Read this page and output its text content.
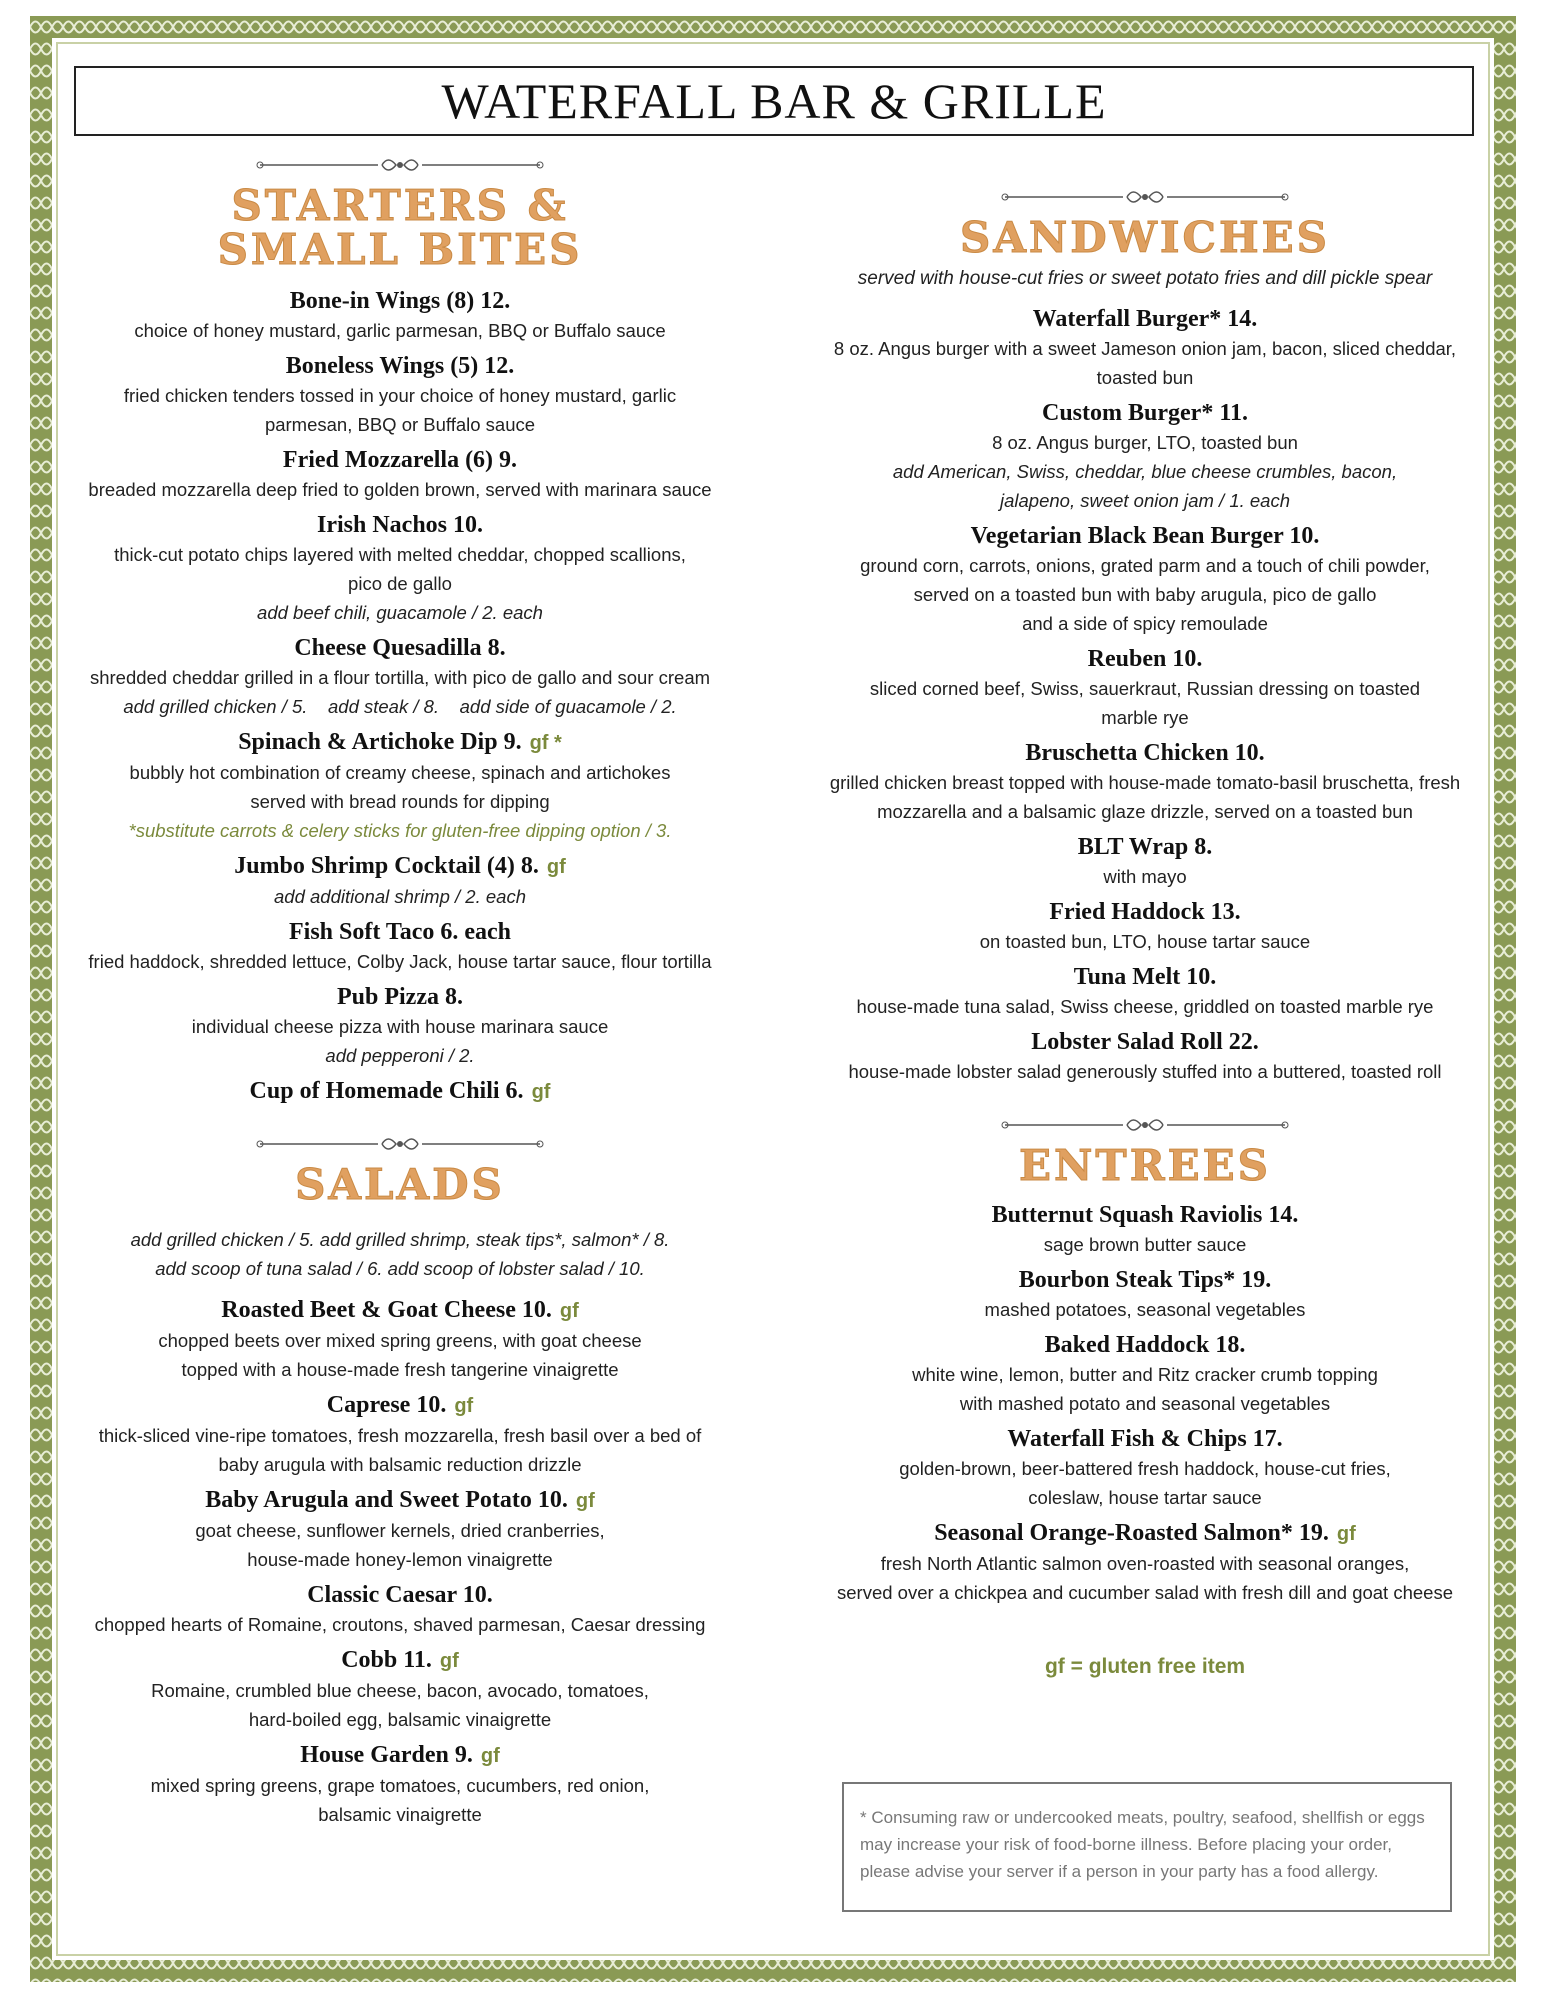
WATERFALL BAR & GRILLE
STARTERS &
SMALL BITES
Bone-in Wings (8) 12.
choice of honey mustard, garlic parmesan, BBQ or Buffalo sauce
Boneless Wings (5) 12.
fried chicken tenders tossed in your choice of honey mustard, garlic
parmesan, BBQ or Buffalo sauce
Fried Mozzarella (6) 9.
breaded mozzarella deep fried to golden brown, served with marinara sauce
Irish Nachos 10.
thick-cut potato chips layered with melted cheddar, chopped scallions,
pico de gallo
add beef chili, guacamole / 2. each
Cheese Quesadilla 8.
shredded cheddar grilled in a flour tortilla, with pico de gallo and sour cream
add grilled chicken / 5.    add steak / 8.    add side of guacamole / 2.
Spinach & Artichoke Dip 9. gf *
bubbly hot combination of creamy cheese, spinach and artichokes
served with bread rounds for dipping
*substitute carrots & celery sticks for gluten-free dipping option / 3.
Jumbo Shrimp Cocktail (4) 8. gf
add additional shrimp / 2. each
Fish Soft Taco 6. each
fried haddock, shredded lettuce, Colby Jack, house tartar sauce, flour tortilla
Pub Pizza 8.
individual cheese pizza with house marinara sauce
add pepperoni / 2.
Cup of Homemade Chili 6. gf
SALADS
add grilled chicken / 5. add grilled shrimp, steak tips*, salmon* / 8.
add scoop of tuna salad / 6. add scoop of lobster salad / 10.
Roasted Beet & Goat Cheese 10. gf
chopped beets over mixed spring greens, with goat cheese
topped with a house-made fresh tangerine vinaigrette
Caprese 10. gf
thick-sliced vine-ripe tomatoes, fresh mozzarella, fresh basil over a bed of
baby arugula with balsamic reduction drizzle
Baby Arugula and Sweet Potato 10. gf
goat cheese, sunflower kernels, dried cranberries,
house-made honey-lemon vinaigrette
Classic Caesar 10.
chopped hearts of Romaine, croutons, shaved parmesan, Caesar dressing
Cobb 11. gf
Romaine, crumbled blue cheese, bacon, avocado, tomatoes,
hard-boiled egg, balsamic vinaigrette
House Garden 9. gf
mixed spring greens, grape tomatoes, cucumbers, red onion,
balsamic vinaigrette
SANDWICHES
served with house-cut fries or sweet potato fries and dill pickle spear
Waterfall Burger* 14.
8 oz. Angus burger with a sweet Jameson onion jam, bacon, sliced cheddar,
toasted bun
Custom Burger* 11.
8 oz. Angus burger, LTO, toasted bun
add American, Swiss, cheddar, blue cheese crumbles, bacon,
jalapeno, sweet onion jam / 1. each
Vegetarian Black Bean Burger 10.
ground corn, carrots, onions, grated parm and a touch of chili powder,
served on a toasted bun with baby arugula, pico de gallo
and a side of spicy remoulade
Reuben 10.
sliced corned beef, Swiss, sauerkraut, Russian dressing on toasted
marble rye
Bruschetta Chicken 10.
grilled chicken breast topped with house-made tomato-basil bruschetta, fresh
mozzarella and a balsamic glaze drizzle, served on a toasted bun
BLT Wrap 8.
with mayo
Fried Haddock 13.
on toasted bun, LTO, house tartar sauce
Tuna Melt 10.
house-made tuna salad, Swiss cheese, griddled on toasted marble rye
Lobster Salad Roll 22.
house-made lobster salad generously stuffed into a buttered, toasted roll
ENTREES
Butternut Squash Raviolis 14.
sage brown butter sauce
Bourbon Steak Tips* 19.
mashed potatoes, seasonal vegetables
Baked Haddock 18.
white wine, lemon, butter and Ritz cracker crumb topping
with mashed potato and seasonal vegetables
Waterfall Fish & Chips 17.
golden-brown, beer-battered fresh haddock, house-cut fries,
coleslaw, house tartar sauce
Seasonal Orange-Roasted Salmon* 19. gf
fresh North Atlantic salmon oven-roasted with seasonal oranges,
served over a chickpea and cucumber salad with fresh dill and goat cheese
gf = gluten free item
* Consuming raw or undercooked meats, poultry, seafood, shellfish or eggs
may increase your risk of food-borne illness. Before placing your order,
please advise your server if a person in your party has a food allergy.
